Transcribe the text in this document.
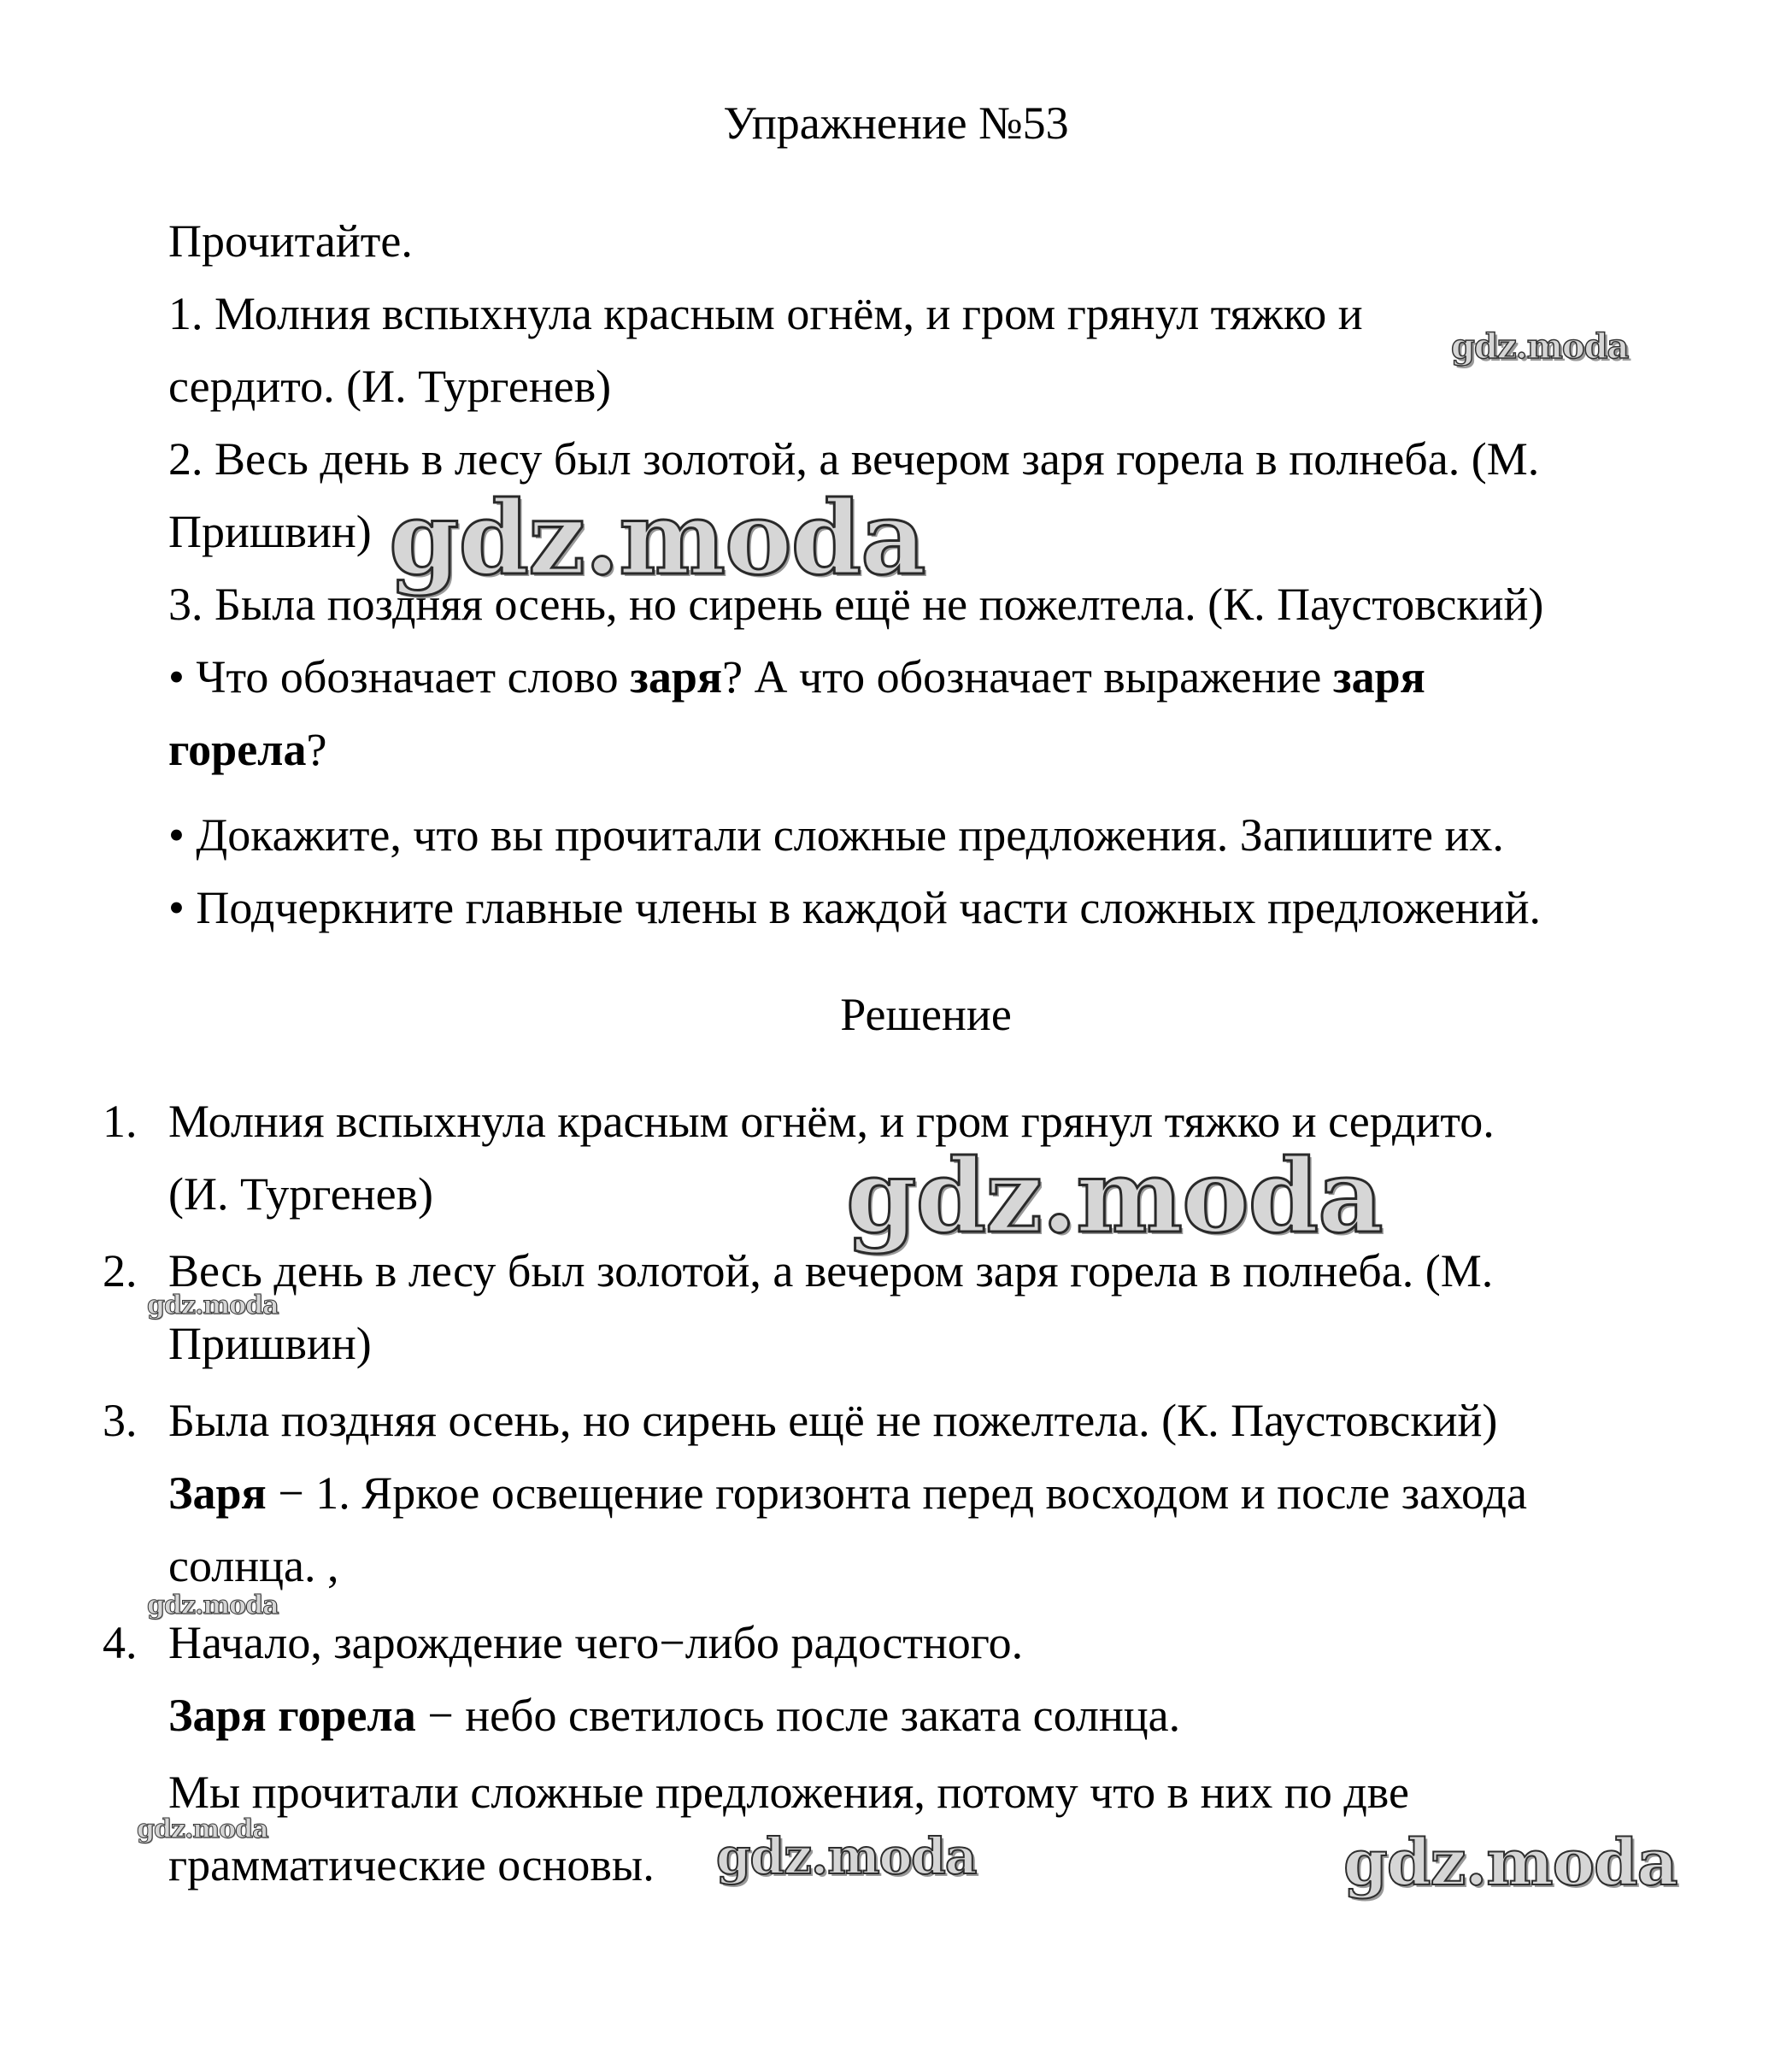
Упражнение №53
Прочитайте.
1. Молния вспыхнула красным огнём, и гром грянул тяжко и
сердито. (И. Тургенев)
2. Весь день в лесу был золотой, а вечером заря горела в полнеба. (М.
Пришвин)
3. Была поздняя осень, но сирень ещё не пожелтела. (К. Паустовский)
• Что обозначает слово заря? А что обозначает выражение заря
горела?
• Докажите, что вы прочитали сложные предложения. Запишите их.
• Подчеркните главные члены в каждой части сложных предложений.
Решение
1. Молния вспыхнула красным огнём, и гром грянул тяжко и сердито.
(И. Тургенев)
2. Весь день в лесу был золотой, а вечером заря горела в полнеба. (М.
Пришвин)
3. Была поздняя осень, но сирень ещё не пожелтела. (К. Паустовский)
Заря − 1. Яркое освещение горизонта перед восходом и после захода
солнца. ,
4. Начало, зарождение чего−либо радостного.
Заря горела − небо светилось после заката солнца.
Мы прочитали сложные предложения, потому что в них по две
грамматические основы.
gdz.moda
gdz.moda
gdz.moda
gdz.moda
gdz.moda
gdz.moda	gdz.moda	gdz.moda
